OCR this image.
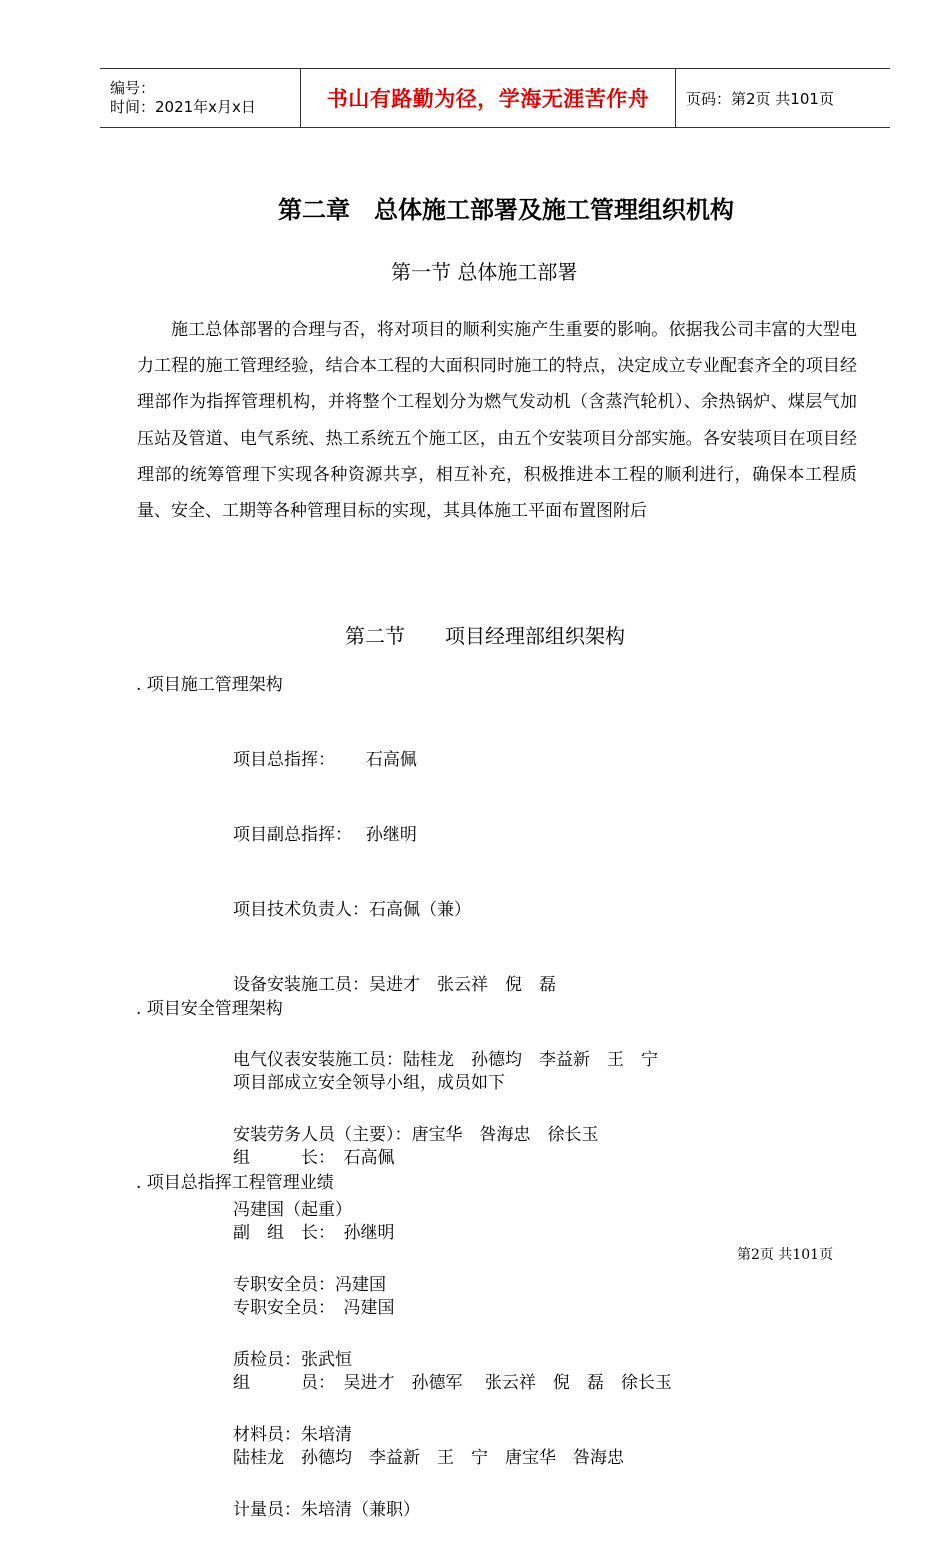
编号：
时间：2021年x月x日	书山有路勤为径，学海无涯苦作舟 页码：第2页 共101页
第二章　总体施工部署及施工管理组织机构
第一节 总体施工部署

施工总体部署的合理与否，将对项目的顺利实施产生重要的影响。依据我公司丰富的大型电力工程的施工管理经验，结合本工程的大面积同时施工的特点，决定成立专业配套齐全的项目经理部作为指挥管理机构，并将整个工程划分为燃气发动机（含蒸汽轮机）、余热锅炉、煤层气加压站及管道、电气系统、热工系统五个施工区，由五个安装项目分部实施。各安装项目在项目经理部的统筹管理下实现各种资源共享，相互补充，积极推进本工程的顺利进行，确保本工程质量、安全、工期等各种管理目标的实现，其具体施工平面布置图附后

第二节　　项目经理部组织架构
. 项目施工管理架构

项目总指挥：　　 石高佩

项目副总指挥：　 孙继明

项目技术负责人：石高佩（兼）

设备安装施工员：吴进才　张云祥　倪　磊

电气仪表安装施工员：陆桂龙　孙德均　李益新　王　宁

安装劳务人员（主要）：唐宝华　咎海忠　徐长玉

冯建国（起重）

专职安全员：冯建国

质检员：张武恒

材料员：朱培清

计量员：朱培清（兼职）

. 项目安全管理架构

项目部成立安全领导小组，成员如下

组　　　长：　石高佩

副　组　长：　孙继明

专职安全员：　冯建国

组　　　员：　吴进才　孙德军　 张云祥　倪　磊　徐长玉

陆桂龙　孙德均　李益新　王　宁　唐宝华　咎海忠

. 项目总指挥工程管理业绩
第2页 共101页
